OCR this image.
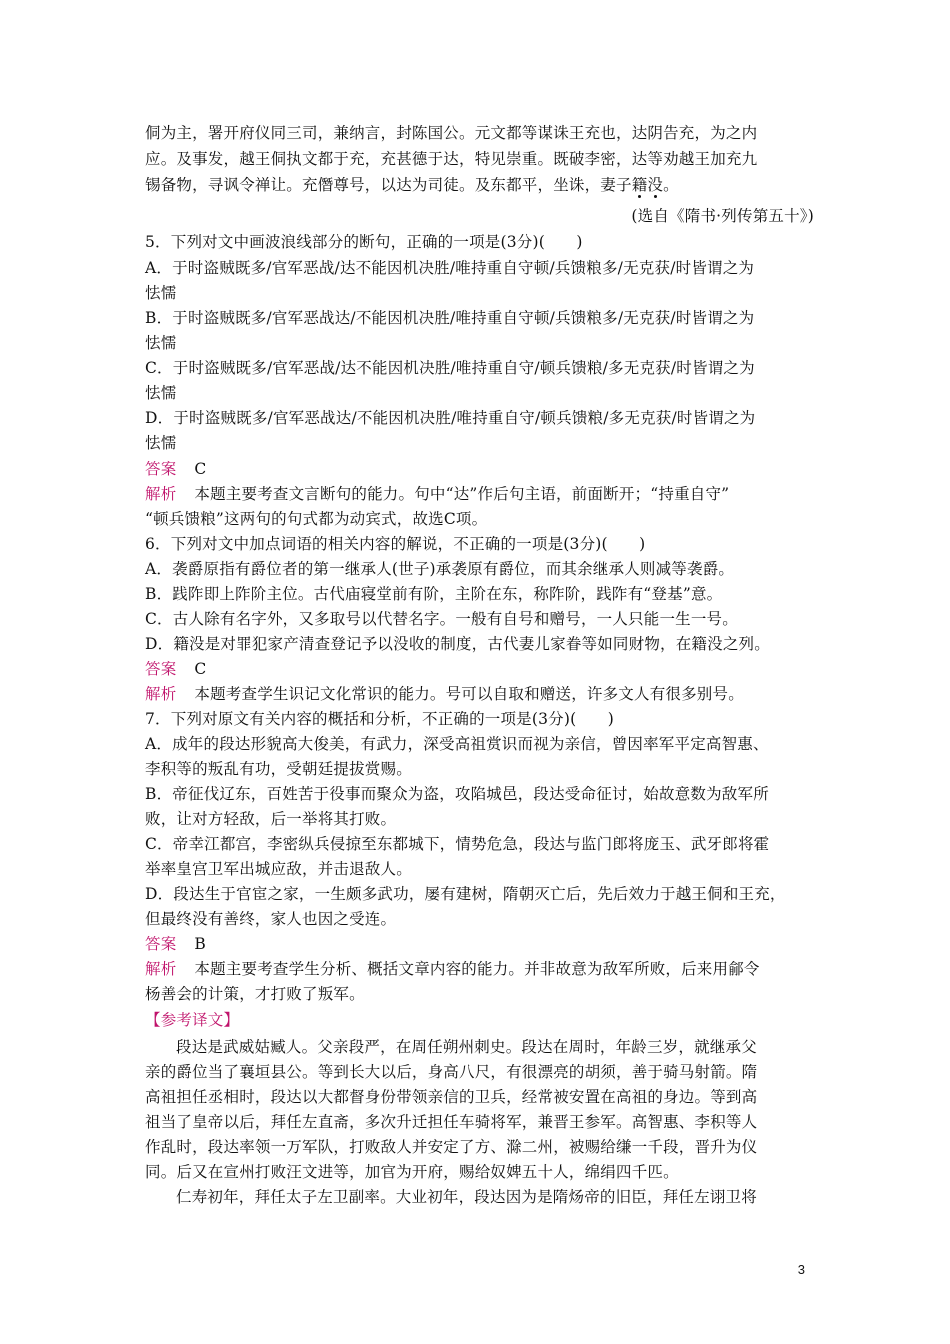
侗为主，署开府仪同三司，兼纳言，封陈国公。元文都等谋诛王充也，达阴告充，为之内
应。及事发，越王侗执文都于充，充甚德于达，特见崇重。既破李密，达等劝越王加充九
锡备物，寻讽令禅让。充僭尊号，以达为司徒。及东都平，坐诛，妻子籍没。
(选自《隋书·列传第五十》)
5．下列对文中画波浪线部分的断句，正确的一项是(3分)(　　)
A．于时盗贼既多/官军恶战/达不能因机决胜/唯持重自守顿/兵馈粮多/无克获/时皆谓之为
怯懦
B．于时盗贼既多/官军恶战达/不能因机决胜/唯持重自守顿/兵馈粮多/无克获/时皆谓之为
怯懦
C．于时盗贼既多/官军恶战/达不能因机决胜/唯持重自守/顿兵馈粮/多无克获/时皆谓之为
怯懦
D．于时盗贼既多/官军恶战达/不能因机决胜/唯持重自守/顿兵馈粮/多无克获/时皆谓之为
怯懦
答案 C
解析 本题主要考查文言断句的能力。句中“达”作后句主语，前面断开；“持重自守”
“顿兵馈粮”这两句的句式都为动宾式，故选C项。
6．下列对文中加点词语的相关内容的解说，不正确的一项是(3分)(　　)
A．袭爵原指有爵位者的第一继承人(世子)承袭原有爵位，而其余继承人则减等袭爵。
B．践阼即上阼阶主位。古代庙寝堂前有阶，主阶在东，称阼阶，践阼有“登基”意。
C．古人除有名字外，又多取号以代替名字。一般有自号和赠号，一人只能一生一号。
D．籍没是对罪犯家产清查登记予以没收的制度，古代妻儿家眷等如同财物，在籍没之列。
答案 C
解析 本题考查学生识记文化常识的能力。号可以自取和赠送，许多文人有很多别号。
7．下列对原文有关内容的概括和分析，不正确的一项是(3分)(　　)
A．成年的段达形貌高大俊美，有武力，深受高祖赏识而视为亲信，曾因率军平定高智惠、
李积等的叛乱有功，受朝廷提拔赏赐。
B．帝征伐辽东，百姓苦于役事而聚众为盗，攻陷城邑，段达受命征讨，始故意数为敌军所
败，让对方轻敌，后一举将其打败。
C．帝幸江都宫，李密纵兵侵掠至东都城下，情势危急，段达与监门郎将庞玉、武牙郎将霍
举率皇宫卫军出城应敌，并击退敌人。
D．段达生于官宦之家，一生颇多武功，屡有建树，隋朝灭亡后，先后效力于越王侗和王充，
但最终没有善终，家人也因之受连。
答案 B
解析 本题主要考查学生分析、概括文章内容的能力。并非故意为敌军所败，后来用鄃令
杨善会的计策，才打败了叛军。
【参考译文】
段达是武威姑臧人。父亲段严，在周任朔州刺史。段达在周时，年龄三岁，就继承父
亲的爵位当了襄垣县公。等到长大以后，身高八尺，有很漂亮的胡须，善于骑马射箭。隋
高祖担任丞相时，段达以大都督身份带领亲信的卫兵，经常被安置在高祖的身边。等到高
祖当了皇帝以后，拜任左直斋，多次升迁担任车骑将军，兼晋王参军。高智惠、李积等人
作乱时，段达率领一万军队，打败敌人并安定了方、滁二州，被赐给缣一千段，晋升为仪
同。后又在宣州打败汪文进等，加官为开府，赐给奴婢五十人，绵绢四千匹。
仁寿初年，拜任太子左卫副率。大业初年，段达因为是隋炀帝的旧臣，拜任左诩卫将
3
